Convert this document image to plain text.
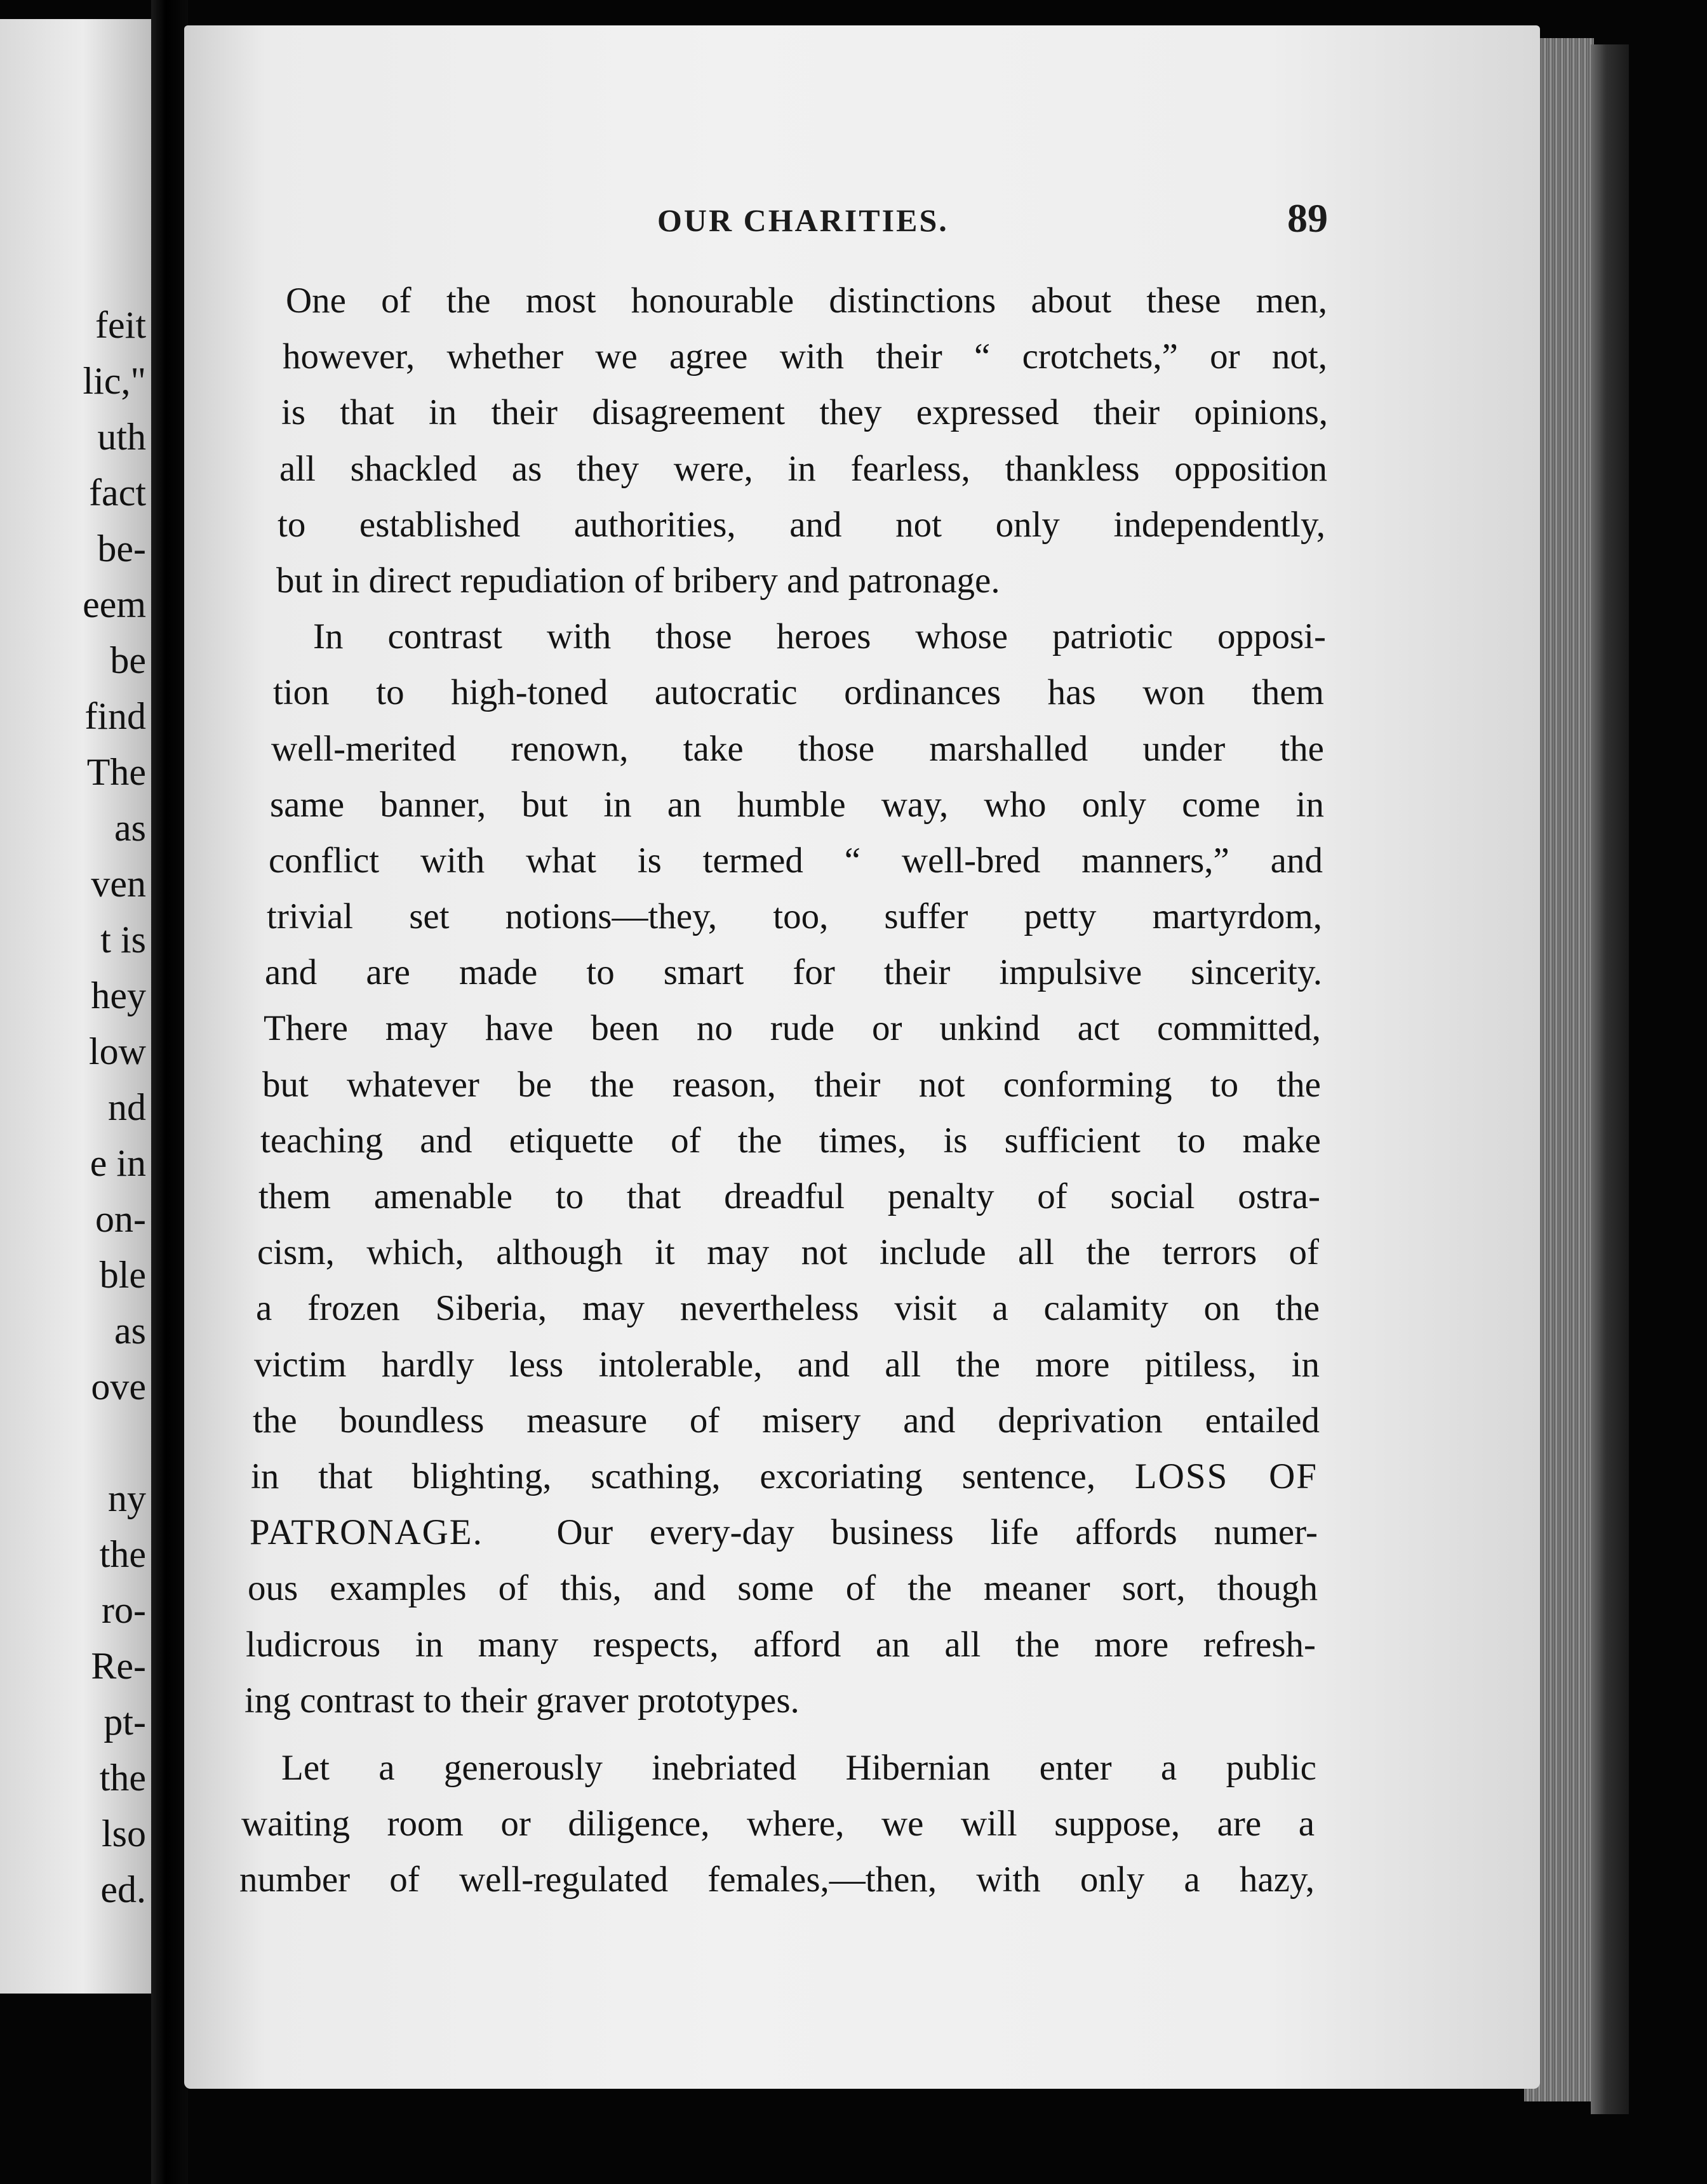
feit
lic,"
uth
fact
be-
eem
be
find
The
as
ven
t is
hey
low
nd
e in
on-
ble
as
ove
ny
the
ro-
Re-
pt-
the
lso
ed.
OUR CHARITIES.	89
One of the most honourable distinctions about these men,
however, whether we agree with their “ crotchets,” or not,
is that in their disagreement they expressed their opinions,
all shackled as they were, in fearless, thankless opposition
to established authorities, and not only independently,
but in direct repudiation of bribery and patronage.
In contrast with those heroes whose patriotic opposi-
tion to high-toned autocratic ordinances has won them
well-merited renown, take those marshalled under the
same banner, but in an humble way, who only come in
conflict with what is termed “ well-bred manners,” and
trivial set notions—they, too, suffer petty martyrdom,
and are made to smart for their impulsive sincerity.
There may have been no rude or unkind act committed,
but whatever be the reason, their not conforming to the
teaching and etiquette of the times, is sufficient to make
them amenable to that dreadful penalty of social ostra-
cism, which, although it may not include all the terrors of
a frozen Siberia, may nevertheless visit a calamity on the
victim hardly less intolerable, and all the more pitiless, in
the boundless measure of misery and deprivation entailed
in that blighting, scathing, excoriating sentence, LOSS OF
PATRONAGE. Our every-day business life affords numer-
ous examples of this, and some of the meaner sort, though
ludicrous in many respects, afford an all the more refresh-
ing contrast to their graver prototypes.
Let a generously inebriated Hibernian enter a public
waiting room or diligence, where, we will suppose, are a
number of well-regulated females,—then, with only a hazy,
